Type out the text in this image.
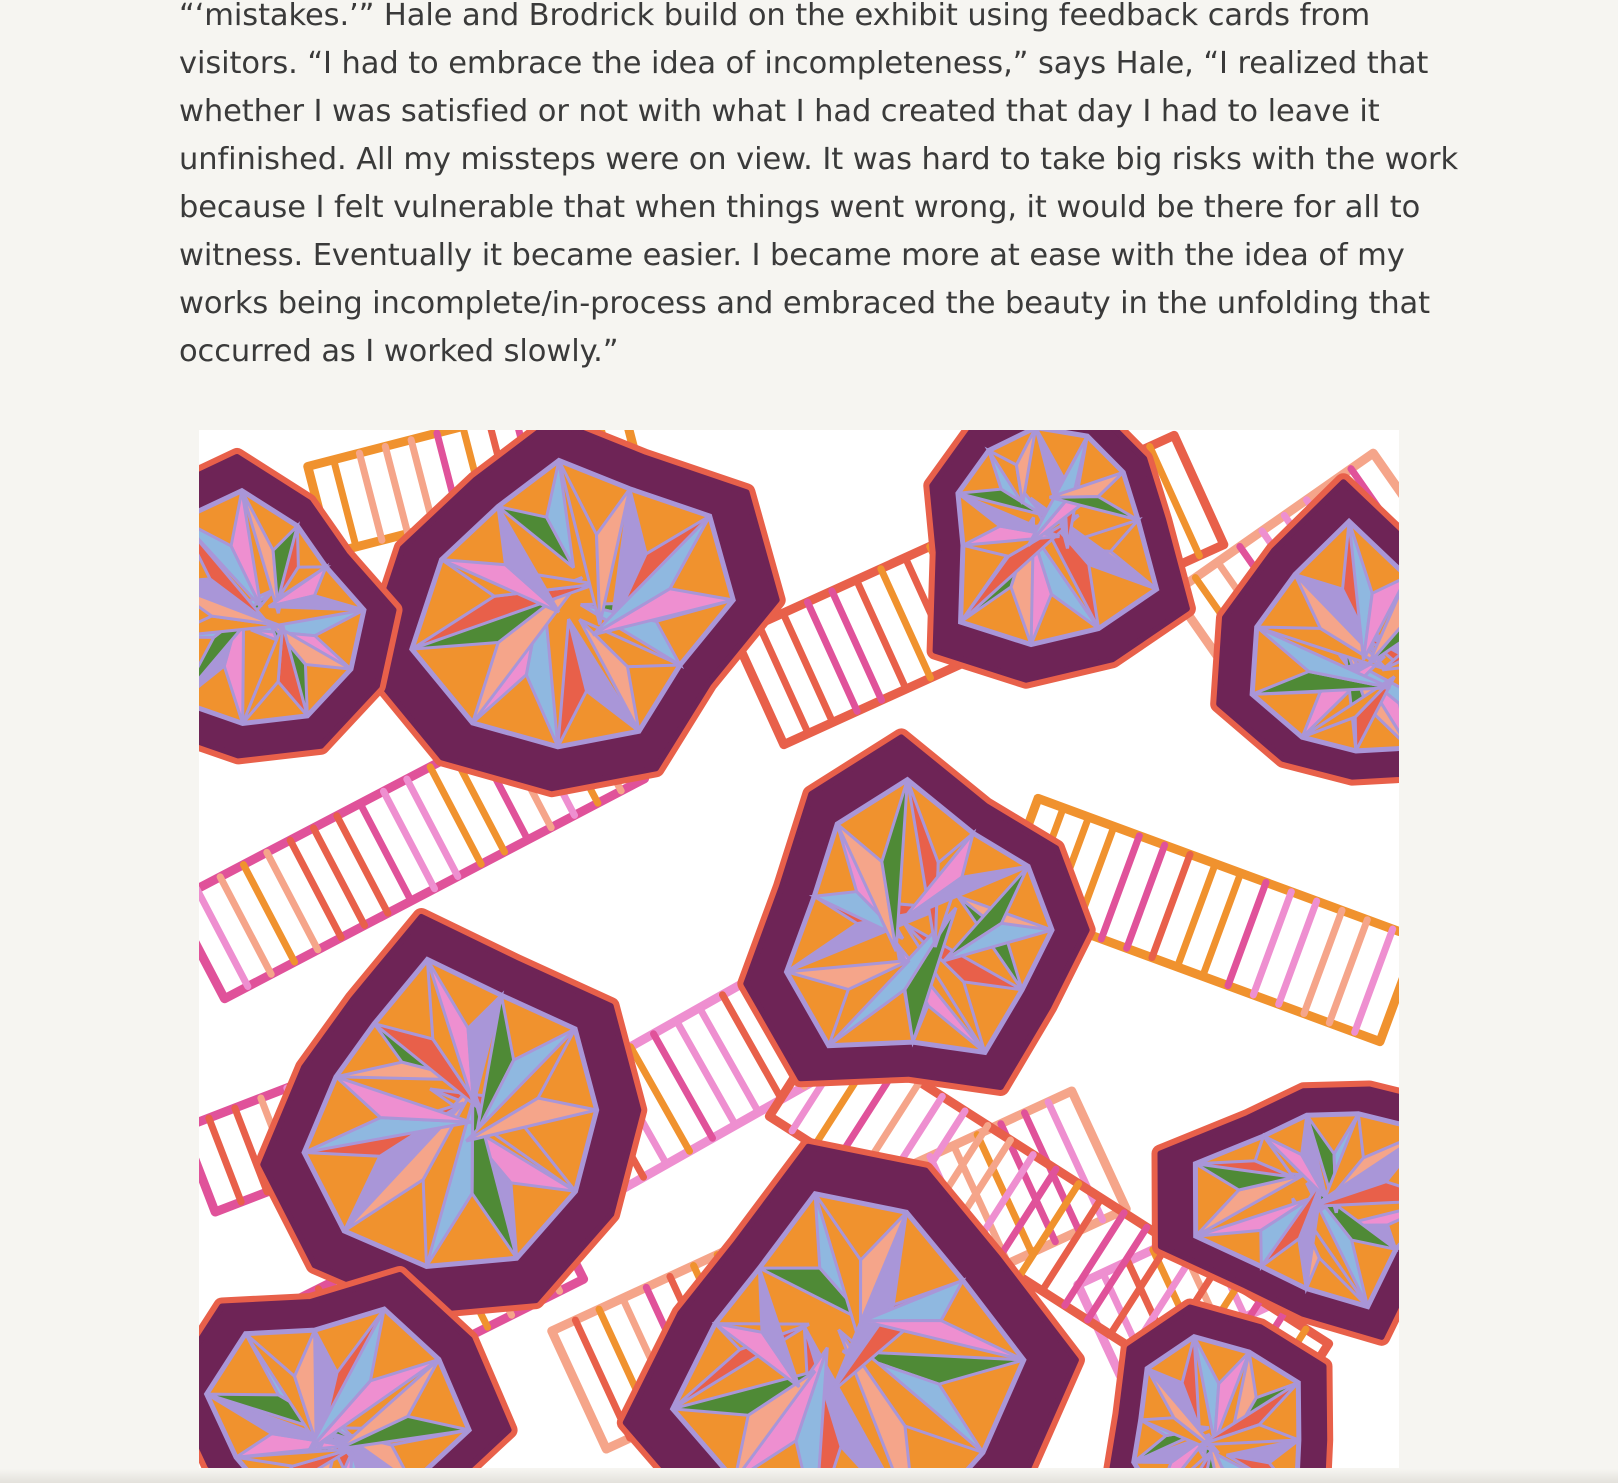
“‘mistakes.’” Hale and Brodrick build on the exhibit using feedback cards from
visitors. “I had to embrace the idea of incompleteness,” says Hale, “I realized that
whether I was satisfied or not with what I had created that day I had to leave it
unfinished. All my missteps were on view. It was hard to take big risks with the work
because I felt vulnerable that when things went wrong, it would be there for all to
witness. Eventually it became easier. I became more at ease with the idea of my
works being incomplete/in-process and embraced the beauty in the unfolding that
occurred as I worked slowly.”
